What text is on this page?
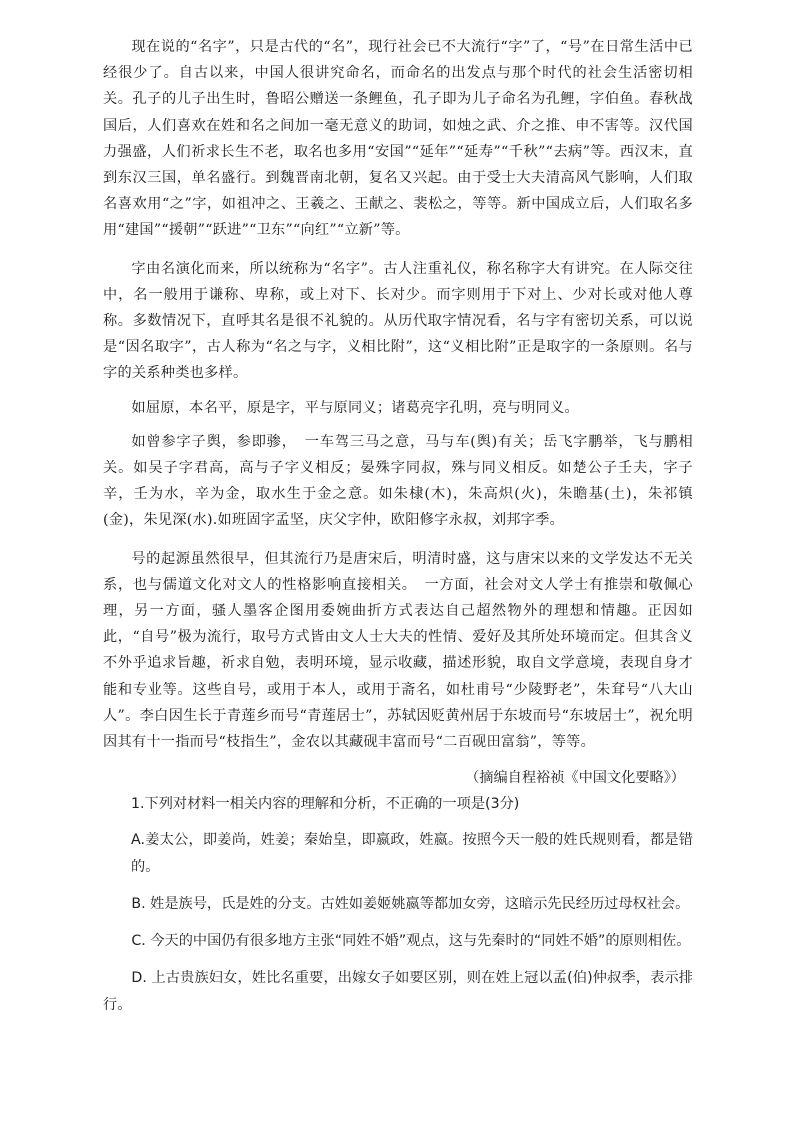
现在说的“名字”，只是古代的“名”，现行社会已不大流行“字”了，“号”在日常生活中已经很少了。自古以来，中国人很讲究命名，而命名的出发点与那个时代的社会生活密切相关。孔子的儿子出生时，鲁昭公赠送一条鲤鱼，孔子即为儿子命名为孔鲤，字伯鱼。春秋战国后，人们喜欢在姓和名之间加一毫无意义的助词，如烛之武、介之推、申不害等。汉代国力强盛，人们祈求长生不老，取名也多用“安国”“延年”“延寿”“千秋”“去病”等。西汉末，直到东汉三国，单名盛行。到魏晋南北朝，复名又兴起。由于受士大夫清高风气影响，人们取名喜欢用“之”字，如祖冲之、王羲之、王献之、裴松之，等等。新中国成立后，人们取名多用“建国”“援朝”“跃进”“卫东”“向红”“立新”等。

字由名演化而来，所以统称为“名字”。古人注重礼仪，称名称字大有讲究。在人际交往中，名一般用于谦称、卑称，或上对下、长对少。而字则用于下对上、少对长或对他人尊称。多数情况下，直呼其名是很不礼貌的。从历代取字情况看，名与字有密切关系，可以说是“因名取字”，古人称为“名之与字，义相比附”，这“义相比附”正是取字的一条原则。名与字的关系种类也多样。

如屈原，本名平，原是字，平与原同义；诸葛亮字孔明，亮与明同义。

如曾参字子舆，参即骖，　一车驾三马之意，马与车(舆)有关；岳飞字鹏举，飞与鹏相关。如吴子字君高，高与子字义相反；晏殊字同叔，殊与同义相反。如楚公子壬夫，字子辛，壬为水，辛为金，取水生于金之意。如朱棣(木)，朱高炽(火)，朱瞻基(土)，朱祁镇(金)，朱见深(水).如班固字孟坚，庆父字仲，欧阳修字永叔，刘邦字季。

号的起源虽然很早，但其流行乃是唐宋后，明清时盛，这与唐宋以来的文学发达不无关系，也与儒道文化对文人的性格影响直接相关。　一方面，社会对文人学士有推崇和敬佩心理，另一方面，骚人墨客企图用委婉曲折方式表达自己超然物外的理想和情趣。正因如此，“自号”极为流行，取号方式皆由文人士大夫的性情、爱好及其所处环境而定。但其含义不外乎追求旨趣，祈求自勉，表明环境，显示收藏，描述形貌，取自文学意境，表现自身才能和专业等。这些自号，或用于本人，或用于斋名，如杜甫号“少陵野老”，朱耷号“八大山人”。李白因生长于青莲乡而号“青莲居士”，苏轼因贬黄州居于东坡而号“东坡居士”，祝允明因其有十一指而号“枝指生”，金农以其藏砚丰富而号“二百砚田富翁”，等等。

（摘编自程裕祯《中国文化要略》）

1.下列对材料一相关内容的理解和分析，不正确的一项是(3分)

A.姜太公，即姜尚，姓姜；秦始皇，即嬴政，姓嬴。按照今天一般的姓氏规则看，都是错的。

B. 姓是族号，氏是姓的分支。古姓如姜姬姚嬴等都加女旁，这暗示先民经历过母权社会。

C. 今天的中国仍有很多地方主张“同姓不婚”观点，这与先秦时的“同姓不婚”的原则相佐。

D. 上古贵族妇女，姓比名重要，出嫁女子如要区别，则在姓上冠以孟(伯)仲叔季，表示排行。
